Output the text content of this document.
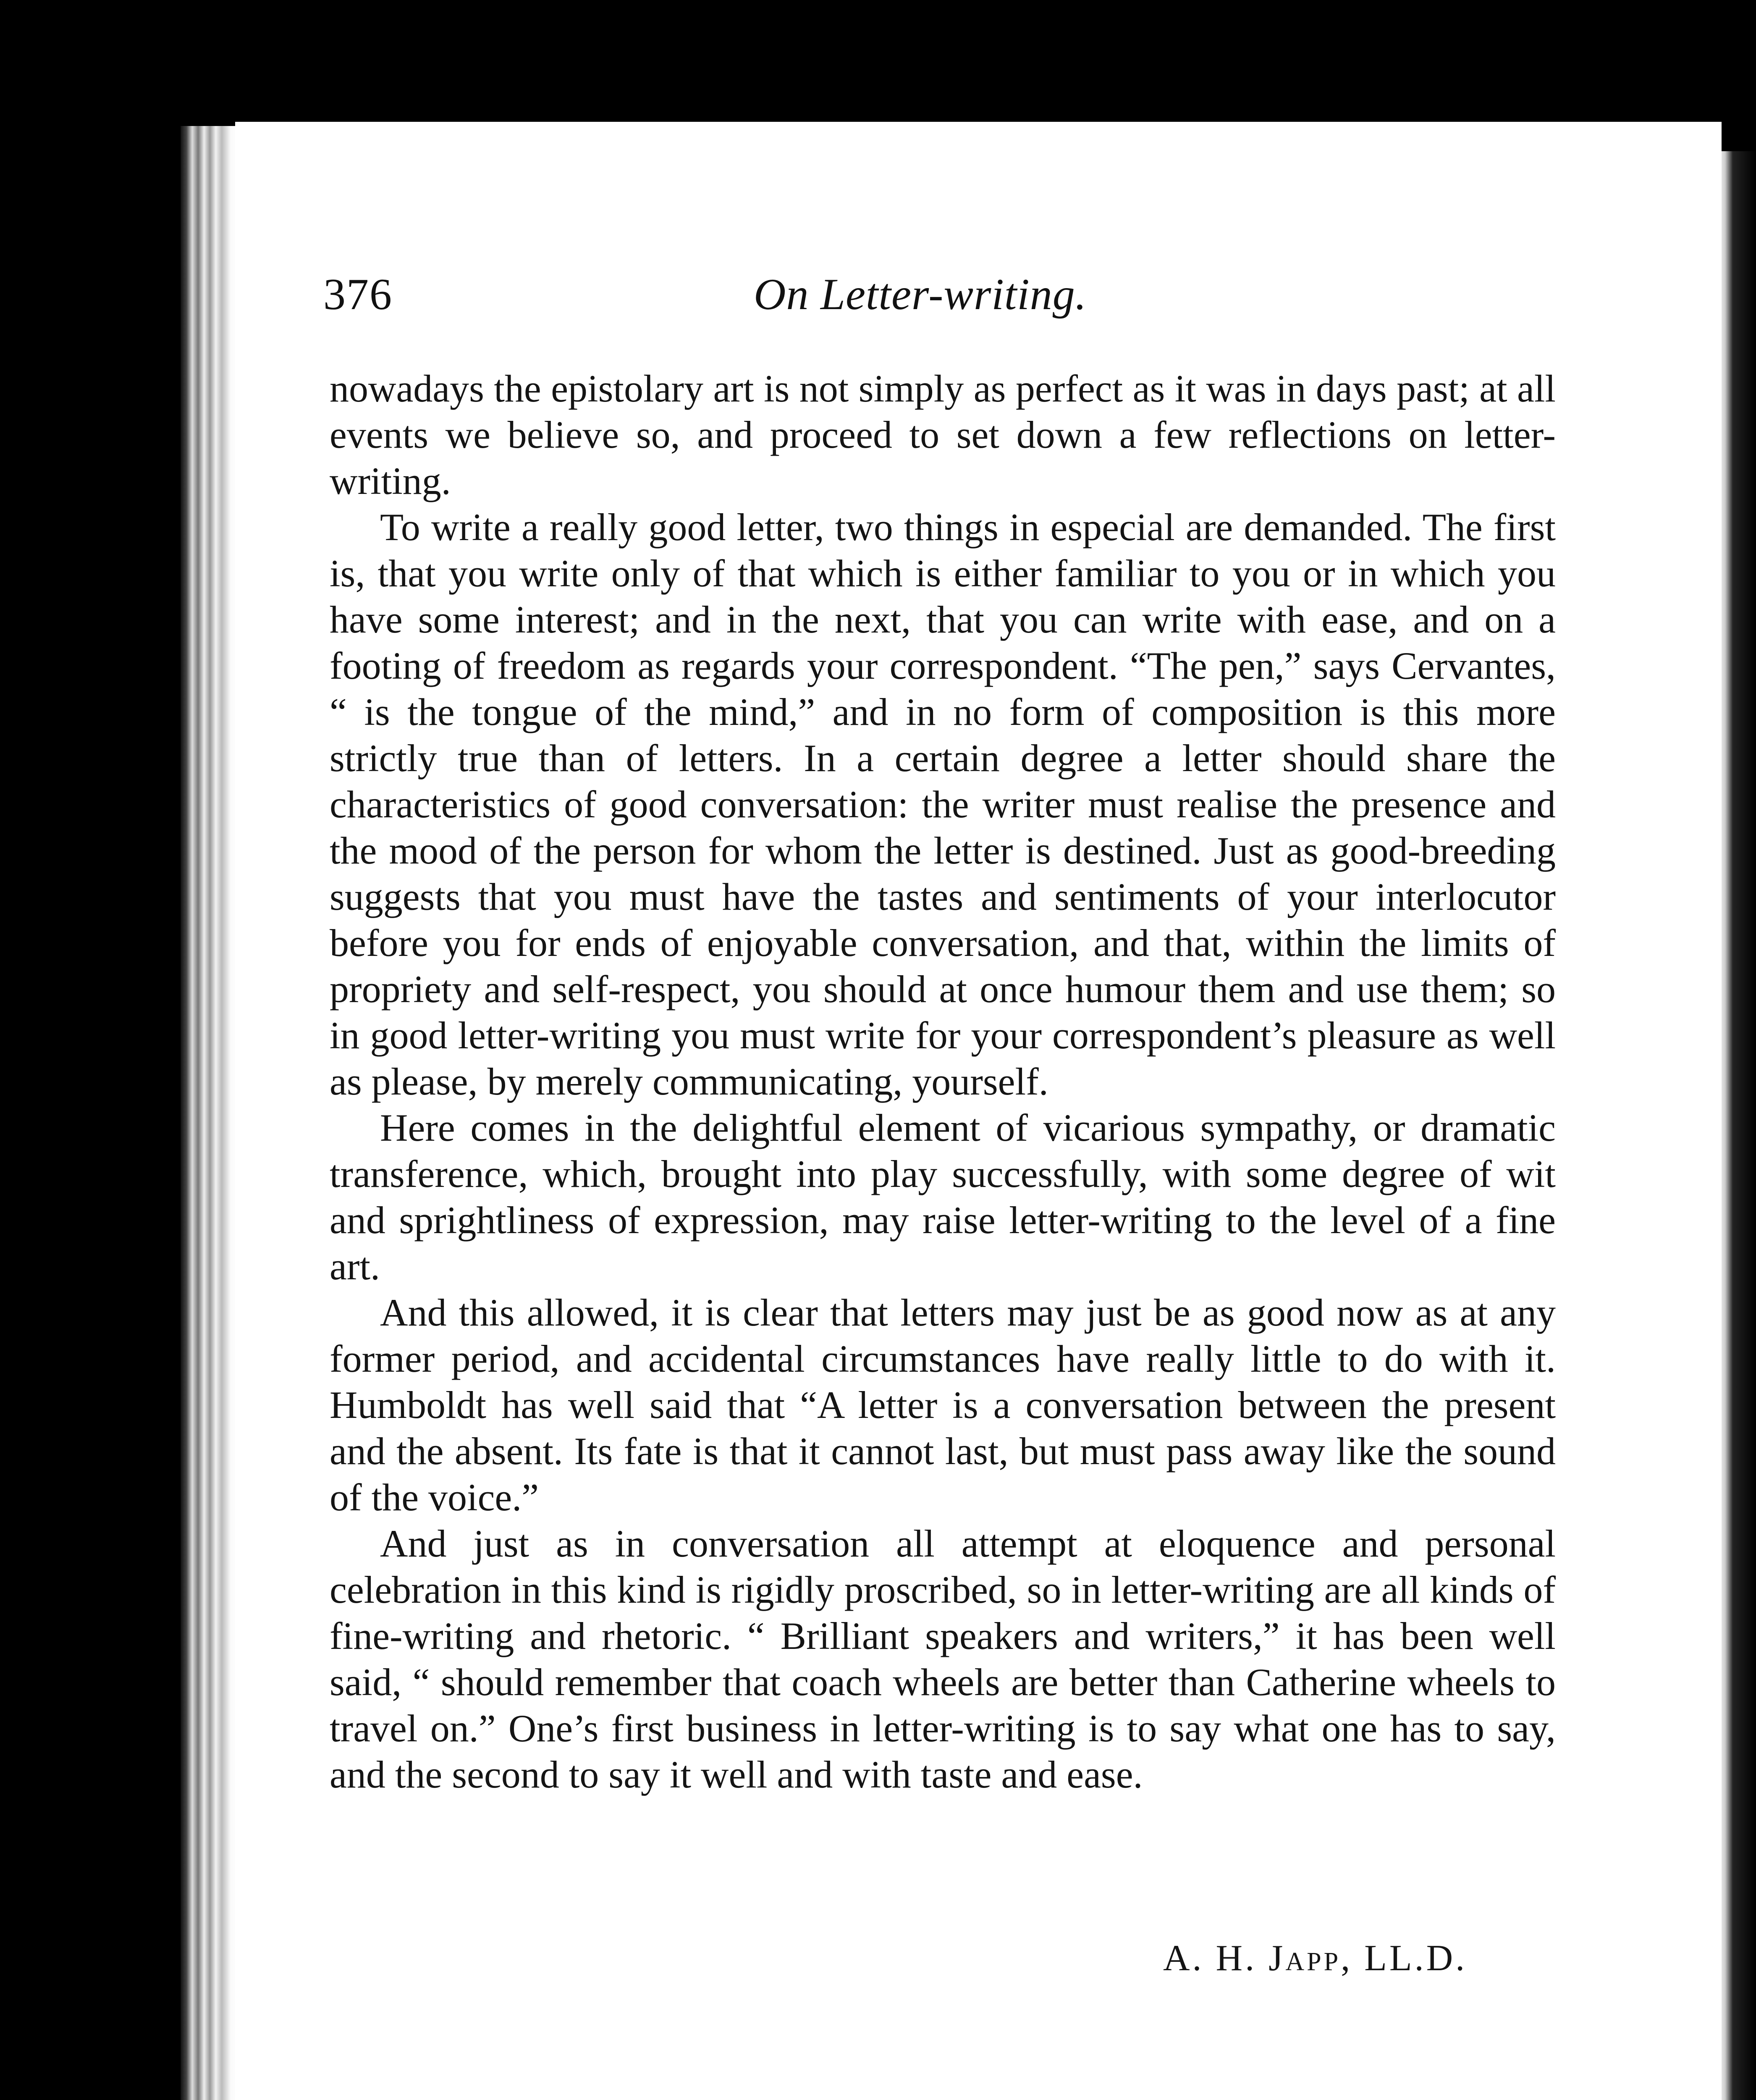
376	On Letter-writing.

nowadays the epistolary art is not simply as perfect as it was in days past; at all events we believe so, and proceed to set down a few reflections on letter-writing.

To write a really good letter, two things in especial are demanded. The first is, that you write only of that which is either familiar to you or in which you have some interest; and in the next, that you can write with ease, and on a footing of freedom as regards your correspondent. “The pen,” says Cervantes, “ is the tongue of the mind,” and in no form of composition is this more strictly true than of letters. In a certain degree a letter should share the characteristics of good conversation: the writer must realise the presence and the mood of the person for whom the letter is destined. Just as good-breeding suggests that you must have the tastes and sentiments of your interlocutor before you for ends of enjoyable conversation, and that, within the limits of propriety and self-respect, you should at once humour them and use them; so in good letter-writing you must write for your correspondent’s pleasure as well as please, by merely communicating, yourself.

Here comes in the delightful element of vicarious sympathy, or dramatic transference, which, brought into play successfully, with some degree of wit and sprightliness of expression, may raise letter-writing to the level of a fine art.

And this allowed, it is clear that letters may just be as good now as at any former period, and accidental circumstances have really little to do with it. Humboldt has well said that “A letter is a conversation between the present and the absent. Its fate is that it cannot last, but must pass away like the sound of the voice.”

And just as in conversation all attempt at eloquence and personal celebration in this kind is rigidly proscribed, so in letter-writing are all kinds of fine-writing and rhetoric. “ Brilliant speakers and writers,” it has been well said, “ should remember that coach wheels are better than Catherine wheels to travel on.” One’s first business in letter-writing is to say what one has to say, and the second to say it well and with taste and ease.

A. H. Japp, LL.D.
